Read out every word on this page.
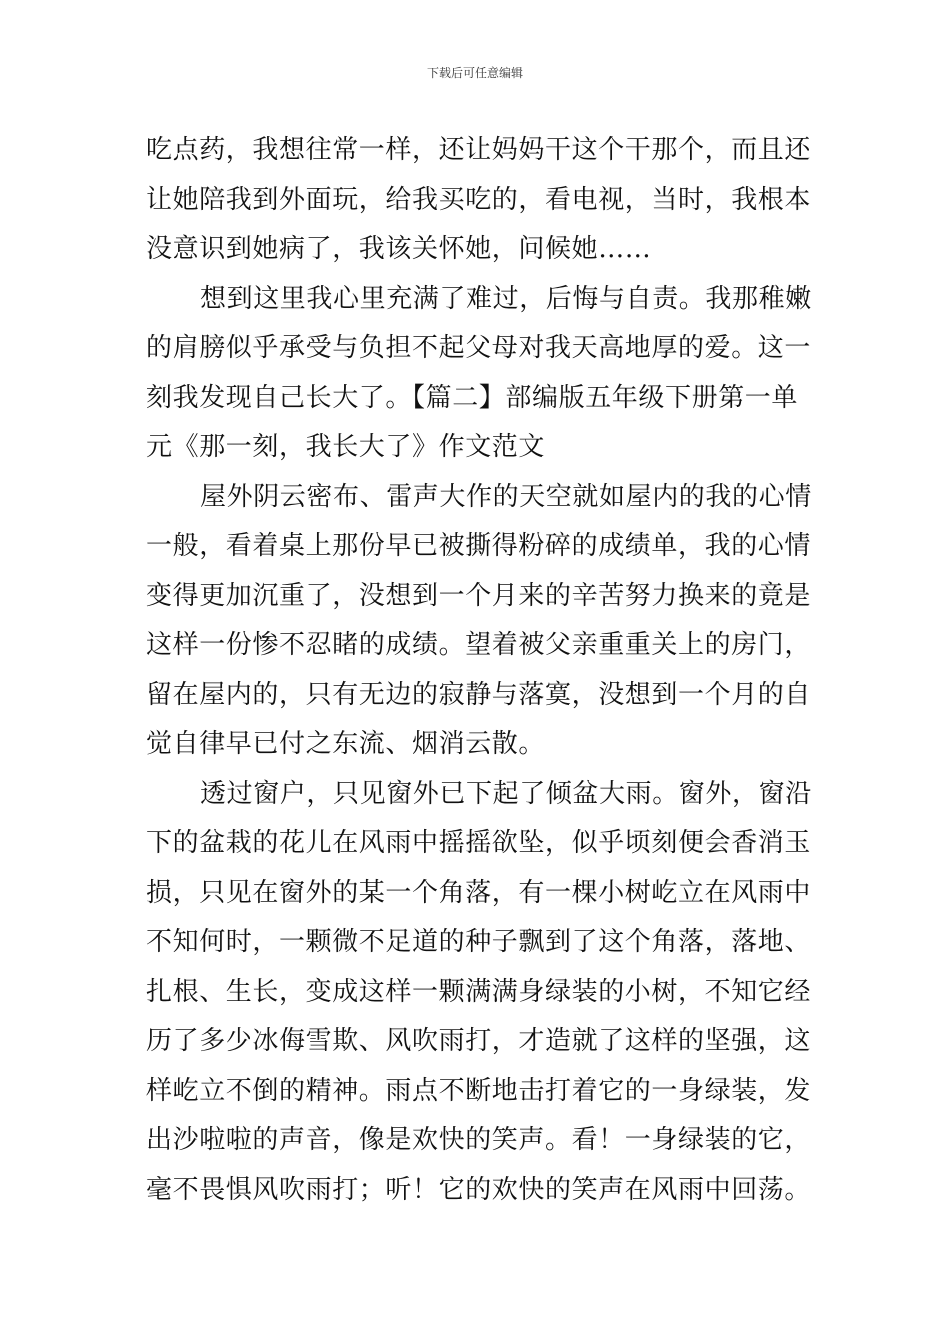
下载后可任意编辑
吃点药，我想往常一样，还让妈妈干这个干那个，而且还
让她陪我到外面玩，给我买吃的，看电视，当时，我根本
没意识到她病了，我该关怀她，问候她……
想到这里我心里充满了难过，后悔与自责。我那稚嫩
的肩膀似乎承受与负担不起父母对我天高地厚的爱。这一
刻我发现自己长大了。【篇二】部编版五年级下册第一单
元《那一刻，我长大了》作文范文
屋外阴云密布、雷声大作的天空就如屋内的我的心情
一般，看着桌上那份早已被撕得粉碎的成绩单，我的心情
变得更加沉重了，没想到一个月来的辛苦努力换来的竟是
这样一份惨不忍睹的成绩。望着被父亲重重关上的房门，
留在屋内的，只有无边的寂静与落寞，没想到一个月的自
觉自律早已付之东流、烟消云散。
透过窗户，只见窗外已下起了倾盆大雨。窗外，窗沿
下的盆栽的花儿在风雨中摇摇欲坠，似乎顷刻便会香消玉
损，只见在窗外的某一个角落，有一棵小树屹立在风雨中
不知何时，一颗微不足道的种子飘到了这个角落，落地、
扎根、生长，变成这样一颗满满身绿装的小树，不知它经
历了多少冰侮雪欺、风吹雨打，才造就了这样的坚强，这
样屹立不倒的精神。雨点不断地击打着它的一身绿装，发
出沙啦啦的声音，像是欢快的笑声。看！一身绿装的它，
毫不畏惧风吹雨打；听！它的欢快的笑声在风雨中回荡。
